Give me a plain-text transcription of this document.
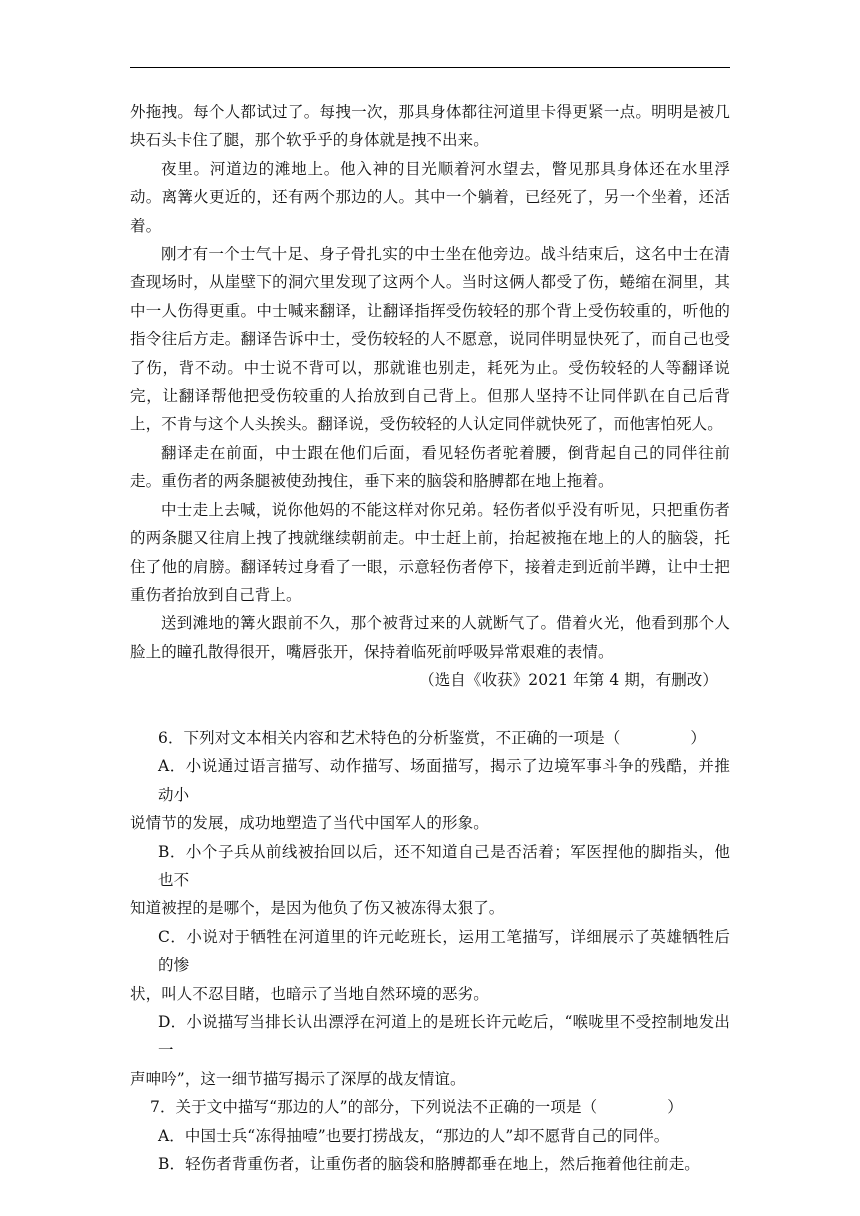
外拖拽。每个人都试过了。每拽一次，那具身体都往河道里卡得更紧一点。明明是被几块石头卡住了腿，那个软乎乎的身体就是拽不出来。

夜里。河道边的滩地上。他入神的目光顺着河水望去，瞥见那具身体还在水里浮动。离篝火更近的，还有两个那边的人。其中一个躺着，已经死了，另一个坐着，还活着。

刚才有一个士气十足、身子骨扎实的中士坐在他旁边。战斗结束后，这名中士在清查现场时，从崖壁下的洞穴里发现了这两个人。当时这俩人都受了伤，蜷缩在洞里，其中一人伤得更重。中士喊来翻译，让翻译指挥受伤较轻的那个背上受伤较重的，听他的指令往后方走。翻译告诉中士，受伤较轻的人不愿意，说同伴明显快死了，而自己也受了伤，背不动。中士说不背可以，那就谁也别走，耗死为止。受伤较轻的人等翻译说完，让翻译帮他把受伤较重的人抬放到自己背上。但那人坚持不让同伴趴在自己后背上，不肯与这个人头挨头。翻译说，受伤较轻的人认定同伴就快死了，而他害怕死人。

翻译走在前面，中士跟在他们后面，看见轻伤者驼着腰，倒背起自己的同伴往前走。重伤者的两条腿被使劲拽住，垂下来的脑袋和胳膊都在地上拖着。

中士走上去喊，说你他妈的不能这样对你兄弟。轻伤者似乎没有听见，只把重伤者的两条腿又往肩上拽了拽就继续朝前走。中士赶上前，抬起被拖在地上的人的脑袋，托住了他的肩膀。翻译转过身看了一眼，示意轻伤者停下，接着走到近前半蹲，让中士把重伤者抬放到自己背上。

送到滩地的篝火跟前不久，那个被背过来的人就断气了。借着火光，他看到那个人脸上的瞳孔散得很开，嘴唇张开，保持着临死前呼吸异常艰难的表情。

（选自《收获》2021 年第 4 期，有删改）

6．下列对文本相关内容和艺术特色的分析鉴赏，不正确的一项是（	）
A．小说通过语言描写、动作描写、场面描写，揭示了边境军事斗争的残酷，并推动小
说情节的发展，成功地塑造了当代中国军人的形象。
B．小个子兵从前线被抬回以后，还不知道自己是否活着；军医捏他的脚指头，他也不
知道被捏的是哪个，是因为他负了伤又被冻得太狠了。
C．小说对于牺牲在河道里的许元屹班长，运用工笔描写，详细展示了英雄牺牲后的惨
状，叫人不忍目睹，也暗示了当地自然环境的恶劣。
D．小说描写当排长认出漂浮在河道上的是班长许元屹后，“喉咙里不受控制地发出一
声呻吟”，这一细节描写揭示了深厚的战友情谊。
7．关于文中描写“那边的人”的部分，下列说法不正确的一项是（	）
A．中国士兵“冻得抽噎”也要打捞战友，“那边的人”却不愿背自己的同伴。
B．轻伤者背重伤者，让重伤者的脑袋和胳膊都垂在地上，然后拖着他往前走。
